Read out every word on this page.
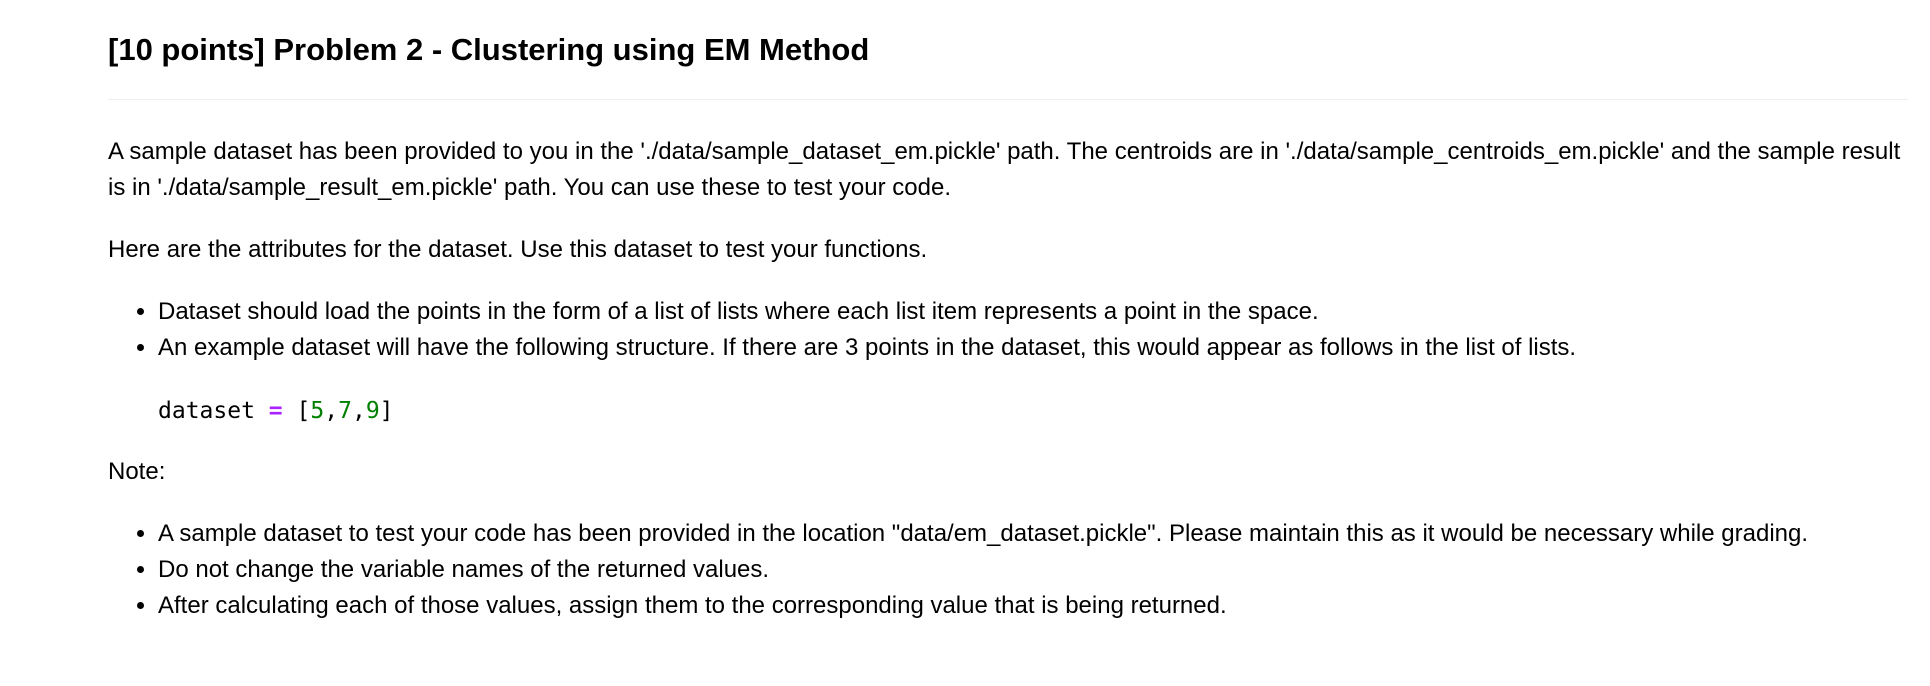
[10 points] Problem 2 - Clustering using EM Method

A sample dataset has been provided to you in the './data/sample_dataset_em.pickle' path. The centroids are in './data/sample_centroids_em.pickle' and the sample result is in './data/sample_result_em.pickle' path. You can use these to test your code.

Here are the attributes for the dataset. Use this dataset to test your functions.

• Dataset should load the points in the form of a list of lists where each list item represents a point in the space.
• An example dataset will have the following structure. If there are 3 points in the dataset, this would appear as follows in the list of lists.
dataset = [5,7,9]

Note:

• A sample dataset to test your code has been provided in the location "data/em_dataset.pickle". Please maintain this as it would be necessary while grading.
• Do not change the variable names of the returned values.
• After calculating each of those values, assign them to the corresponding value that is being returned.
